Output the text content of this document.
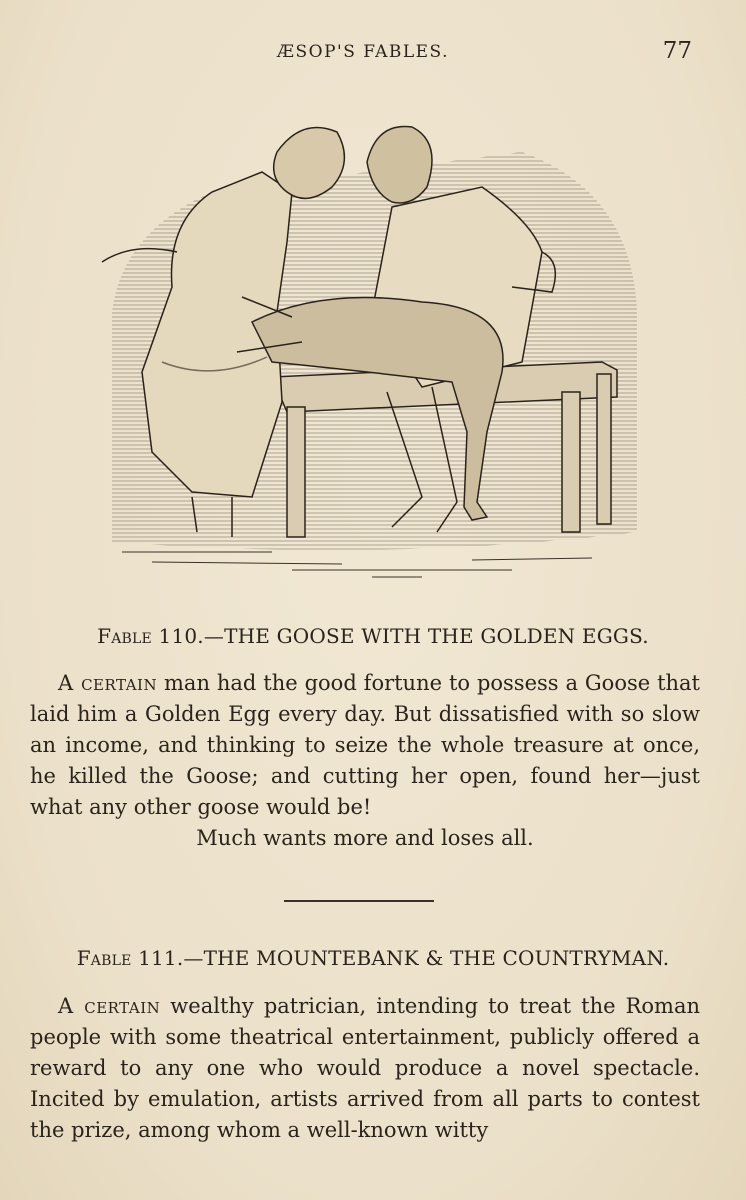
ÆSOP'S FABLES.	77
Fable 110.—THE GOOSE WITH THE GOLDEN EGGS.
A certain man had the good fortune to possess a Goose that laid him a Golden Egg every day. But dissatisfied with so slow an income, and thinking to seize the whole treasure at once, he killed the Goose; and cutting her open, found her—just what any other goose would be!
Much wants more and loses all.
Fable 111.—THE MOUNTEBANK & THE COUNTRYMAN.
A certain wealthy patrician, intending to treat the Roman people with some theatrical entertainment, publicly offered a reward to any one who would produce a novel spectacle. Incited by emulation, artists arrived from all parts to contest the prize, among whom a well-known witty
